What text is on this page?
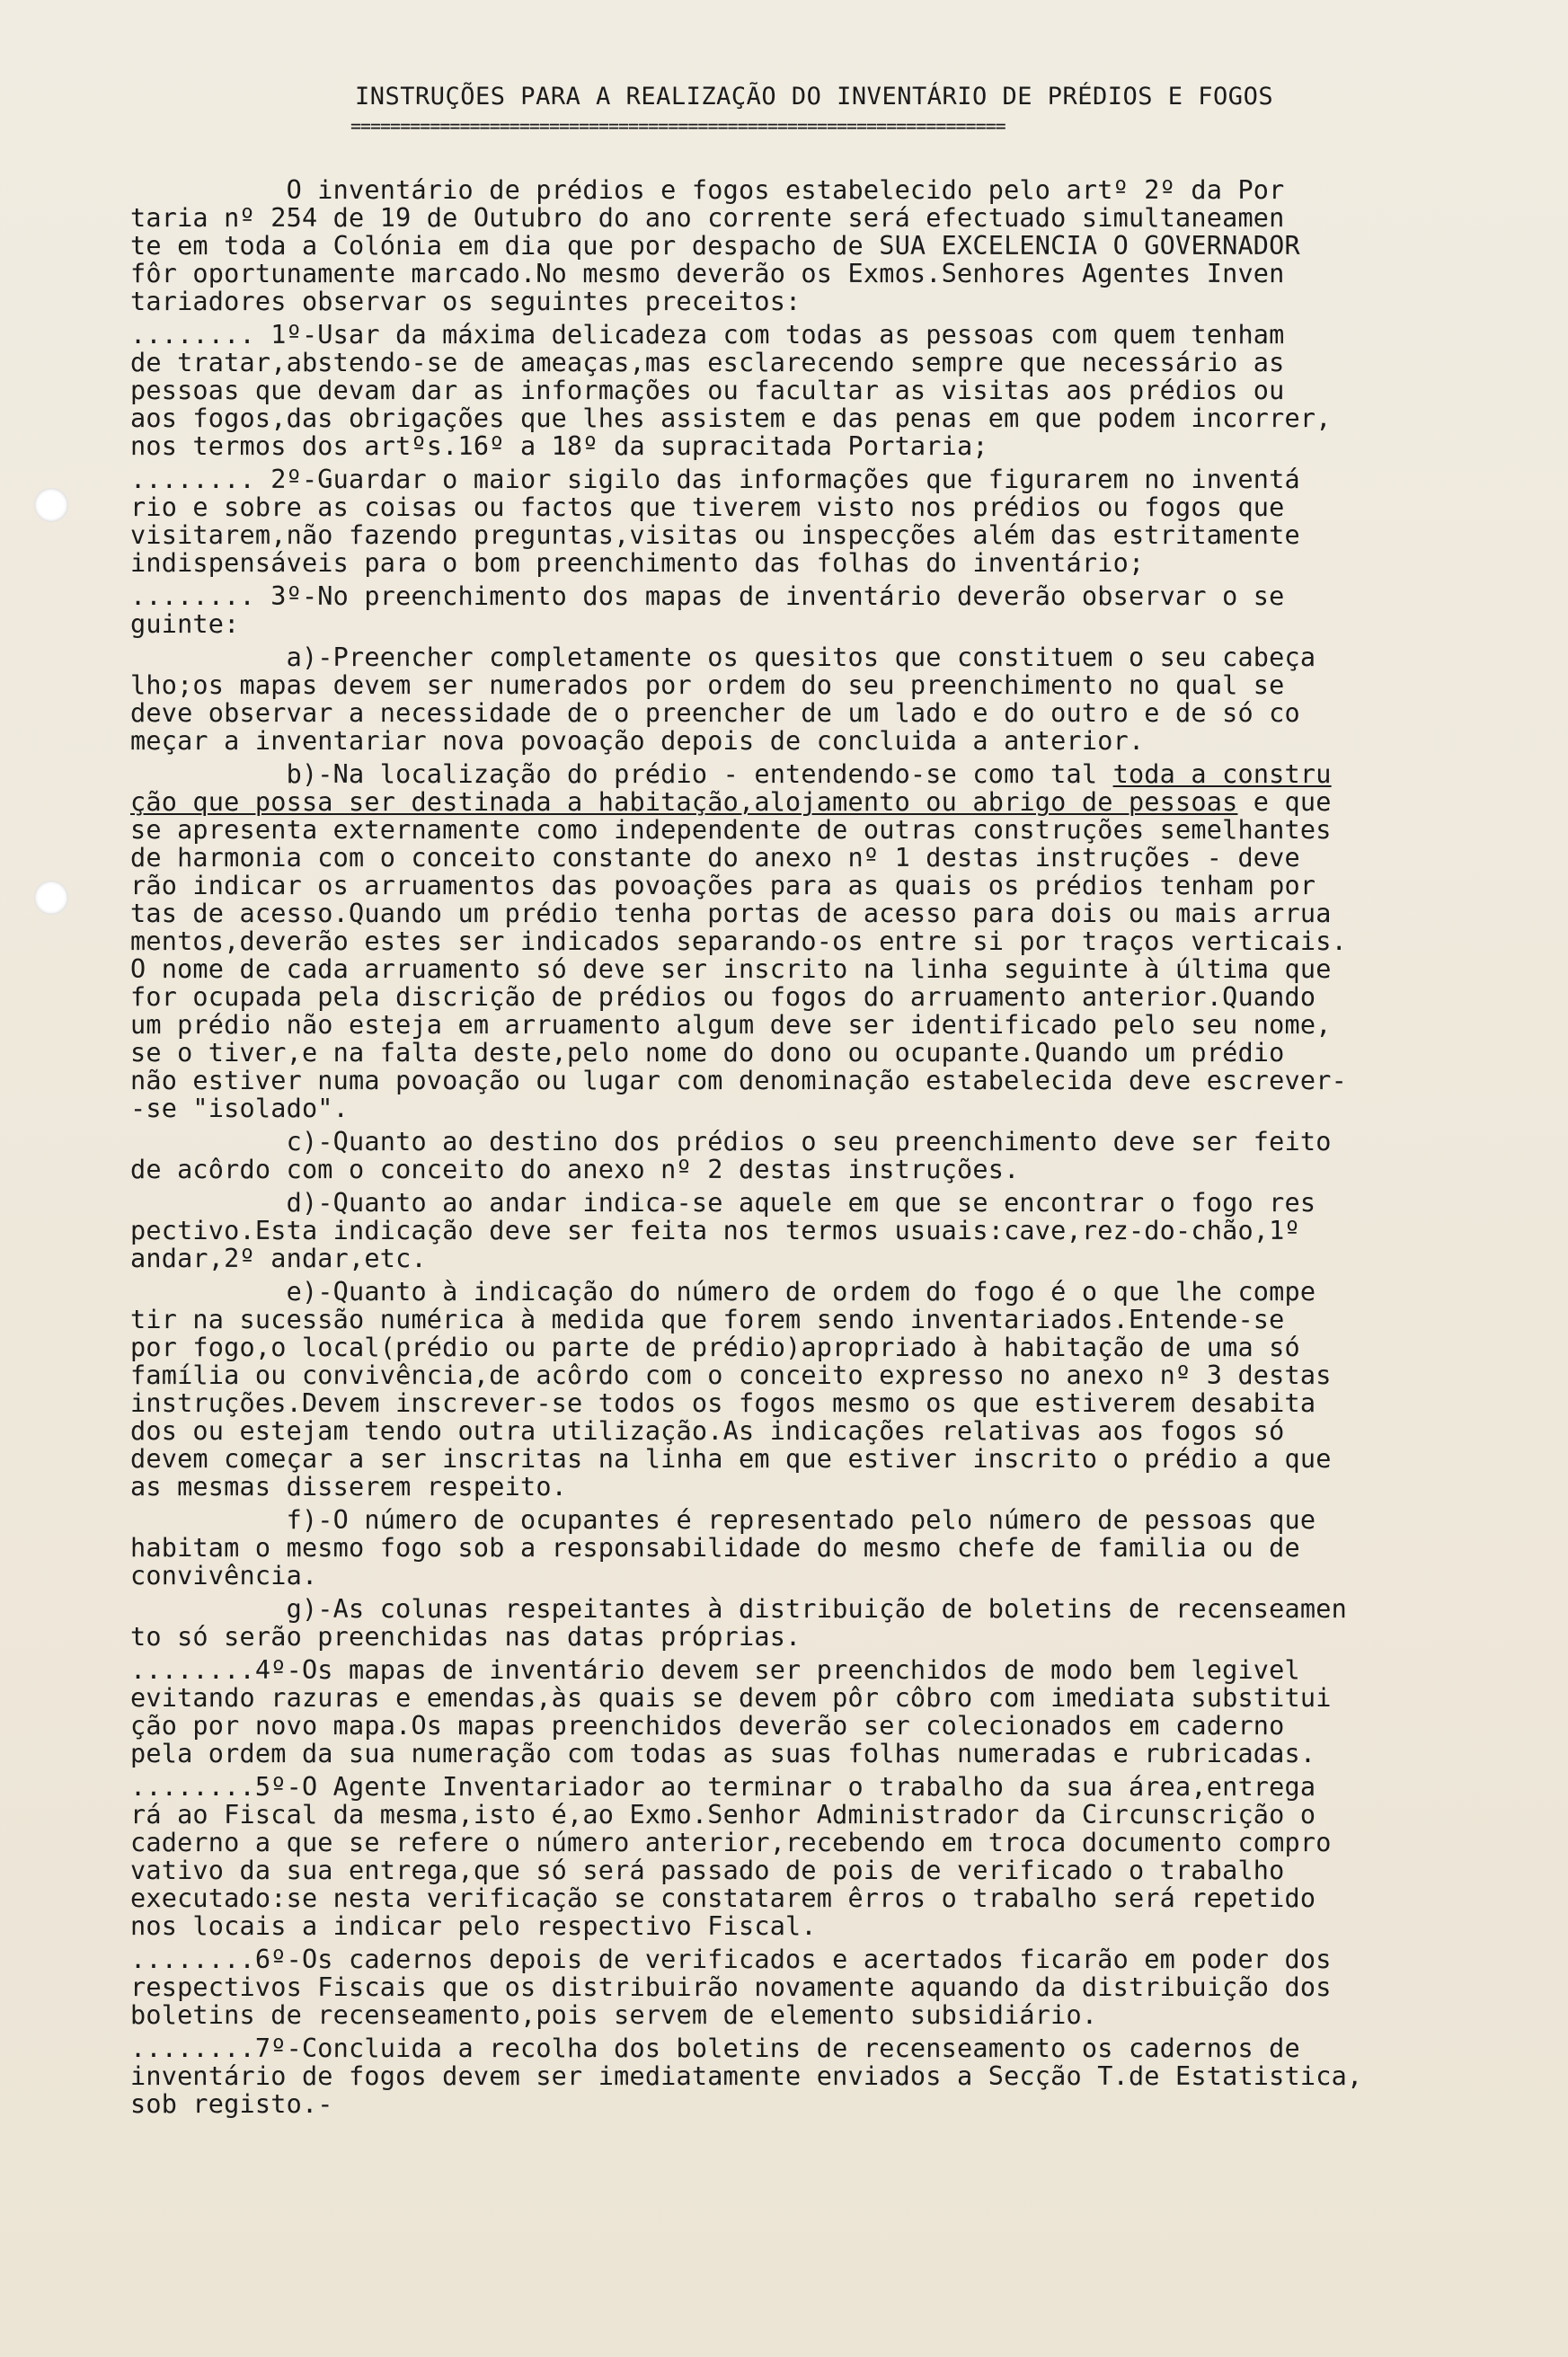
INSTRUÇÕES PARA A REALIZAÇÃO DO INVENTÁRIO DE PRÉDIOS E FOGOS
==================================================================
O inventário de prédios e fogos estabelecido pelo artº 2º da Por
taria nº 254 de 19 de Outubro do ano corrente será efectuado simultaneamen
te em toda a Colónia em dia que por despacho de SUA EXCELENCIA O GOVERNADOR
fôr oportunamente marcado.No mesmo deverão os Exmos.Senhores Agentes Inven
tariadores observar os seguintes preceitos:
........ 1º-Usar da máxima delicadeza com todas as pessoas com quem tenham
de tratar,abstendo-se de ameaças,mas esclarecendo sempre que necessário as
pessoas que devam dar as informações ou facultar as visitas aos prédios ou
aos fogos,das obrigações que lhes assistem e das penas em que podem incorrer,
nos termos dos artºs.16º a 18º da supracitada Portaria;
........ 2º-Guardar o maior sigilo das informações que figurarem no inventá
rio e sobre as coisas ou factos que tiverem visto nos prédios ou fogos que
visitarem,não fazendo preguntas,visitas ou inspecções além das estritamente
indispensáveis para o bom preenchimento das folhas do inventário;
........ 3º-No preenchimento dos mapas de inventário deverão observar o se
guinte:
a)-Preencher completamente os quesitos que constituem o seu cabeça
lho;os mapas devem ser numerados por ordem do seu preenchimento no qual se
deve observar a necessidade de o preencher de um lado e do outro e de só co
meçar a inventariar nova povoação depois de concluida a anterior.
b)-Na localização do prédio - entendendo-se como tal toda a constru
ção que possa ser destinada a habitação,alojamento ou abrigo de pessoas e que
se apresenta externamente como independente de outras construções semelhantes
de harmonia com o conceito constante do anexo nº 1 destas instruções - deve
rão indicar os arruamentos das povoações para as quais os prédios tenham por
tas de acesso.Quando um prédio tenha portas de acesso para dois ou mais arrua
mentos,deverão estes ser indicados separando-os entre si por traços verticais.
O nome de cada arruamento só deve ser inscrito na linha seguinte à última que
for ocupada pela discrição de prédios ou fogos do arruamento anterior.Quando
um prédio não esteja em arruamento algum deve ser identificado pelo seu nome,
se o tiver,e na falta deste,pelo nome do dono ou ocupante.Quando um prédio
não estiver numa povoação ou lugar com denominação estabelecida deve escrever-
-se "isolado".
c)-Quanto ao destino dos prédios o seu preenchimento deve ser feito
de acôrdo com o conceito do anexo nº 2 destas instruções.
d)-Quanto ao andar indica-se aquele em que se encontrar o fogo res
pectivo.Esta indicação deve ser feita nos termos usuais:cave,rez-do-chão,1º
andar,2º andar,etc.
e)-Quanto à indicação do número de ordem do fogo é o que lhe compe
tir na sucessão numérica à medida que forem sendo inventariados.Entende-se
por fogo,o local(prédio ou parte de prédio)apropriado à habitação de uma só
família ou convivência,de acôrdo com o conceito expresso no anexo nº 3 destas
instruções.Devem inscrever-se todos os fogos mesmo os que estiverem desabita
dos ou estejam tendo outra utilização.As indicações relativas aos fogos só
devem começar a ser inscritas na linha em que estiver inscrito o prédio a que
as mesmas disserem respeito.
f)-O número de ocupantes é representado pelo número de pessoas que
habitam o mesmo fogo sob a responsabilidade do mesmo chefe de familia ou de
convivência.
g)-As colunas respeitantes à distribuição de boletins de recenseamen
to só serão preenchidas nas datas próprias.
........4º-Os mapas de inventário devem ser preenchidos de modo bem legivel
evitando razuras e emendas,às quais se devem pôr côbro com imediata substitui
ção por novo mapa.Os mapas preenchidos deverão ser colecionados em caderno
pela ordem da sua numeração com todas as suas folhas numeradas e rubricadas.
........5º-O Agente Inventariador ao terminar o trabalho da sua área,entrega
rá ao Fiscal da mesma,isto é,ao Exmo.Senhor Administrador da Circunscrição o
caderno a que se refere o número anterior,recebendo em troca documento compro
vativo da sua entrega,que só será passado de pois de verificado o trabalho
executado:se nesta verificação se constatarem êrros o trabalho será repetido
nos locais a indicar pelo respectivo Fiscal.
........6º-Os cadernos depois de verificados e acertados ficarão em poder dos
respectivos Fiscais que os distribuirão novamente aquando da distribuição dos
boletins de recenseamento,pois servem de elemento subsidiário.
........7º-Concluida a recolha dos boletins de recenseamento os cadernos de
inventário de fogos devem ser imediatamente enviados a Secção T.de Estatistica,
sob registo.-
